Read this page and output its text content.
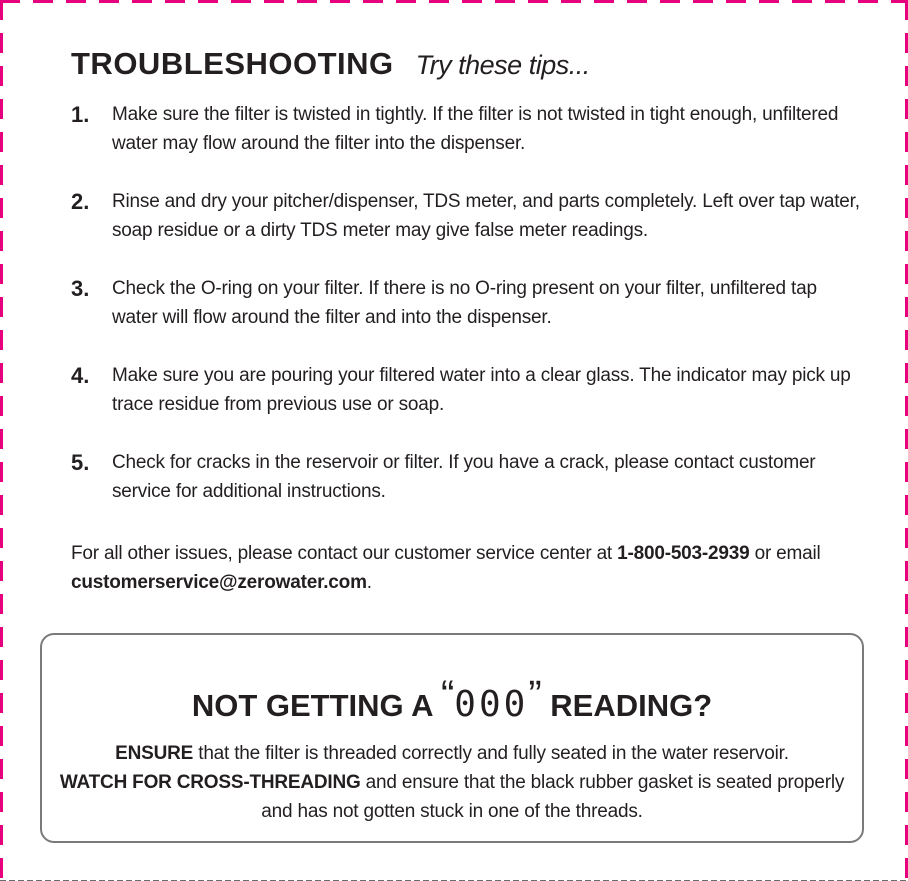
TROUBLESHOOTING Try these tips...
1.	Make sure the filter is twisted in tightly. If the filter is not twisted in tight enough, unfiltered water may flow around the filter into the dispenser.
2.	Rinse and dry your pitcher/dispenser, TDS meter, and parts completely. Left over tap water, soap residue or a dirty TDS meter may give false meter readings.
3.	Check the O-ring on your filter. If there is no O-ring present on your filter, unfiltered tap water will flow around the filter and into the dispenser.
4.	Make sure you are pouring your filtered water into a clear glass. The indicator may pick up trace residue from previous use or soap.
5.	Check for cracks in the reservoir or filter. If you have a crack, please contact customer service for additional instructions.
For all other issues, please contact our customer service center at 1-800-503-2939 or email customerservice@zerowater.com.
NOT GETTING A “000” READING?
ENSURE that the filter is threaded correctly and fully seated in the water reservoir.
WATCH FOR CROSS-THREADING and ensure that the black rubber gasket is seated properly and has not gotten stuck in one of the threads.
